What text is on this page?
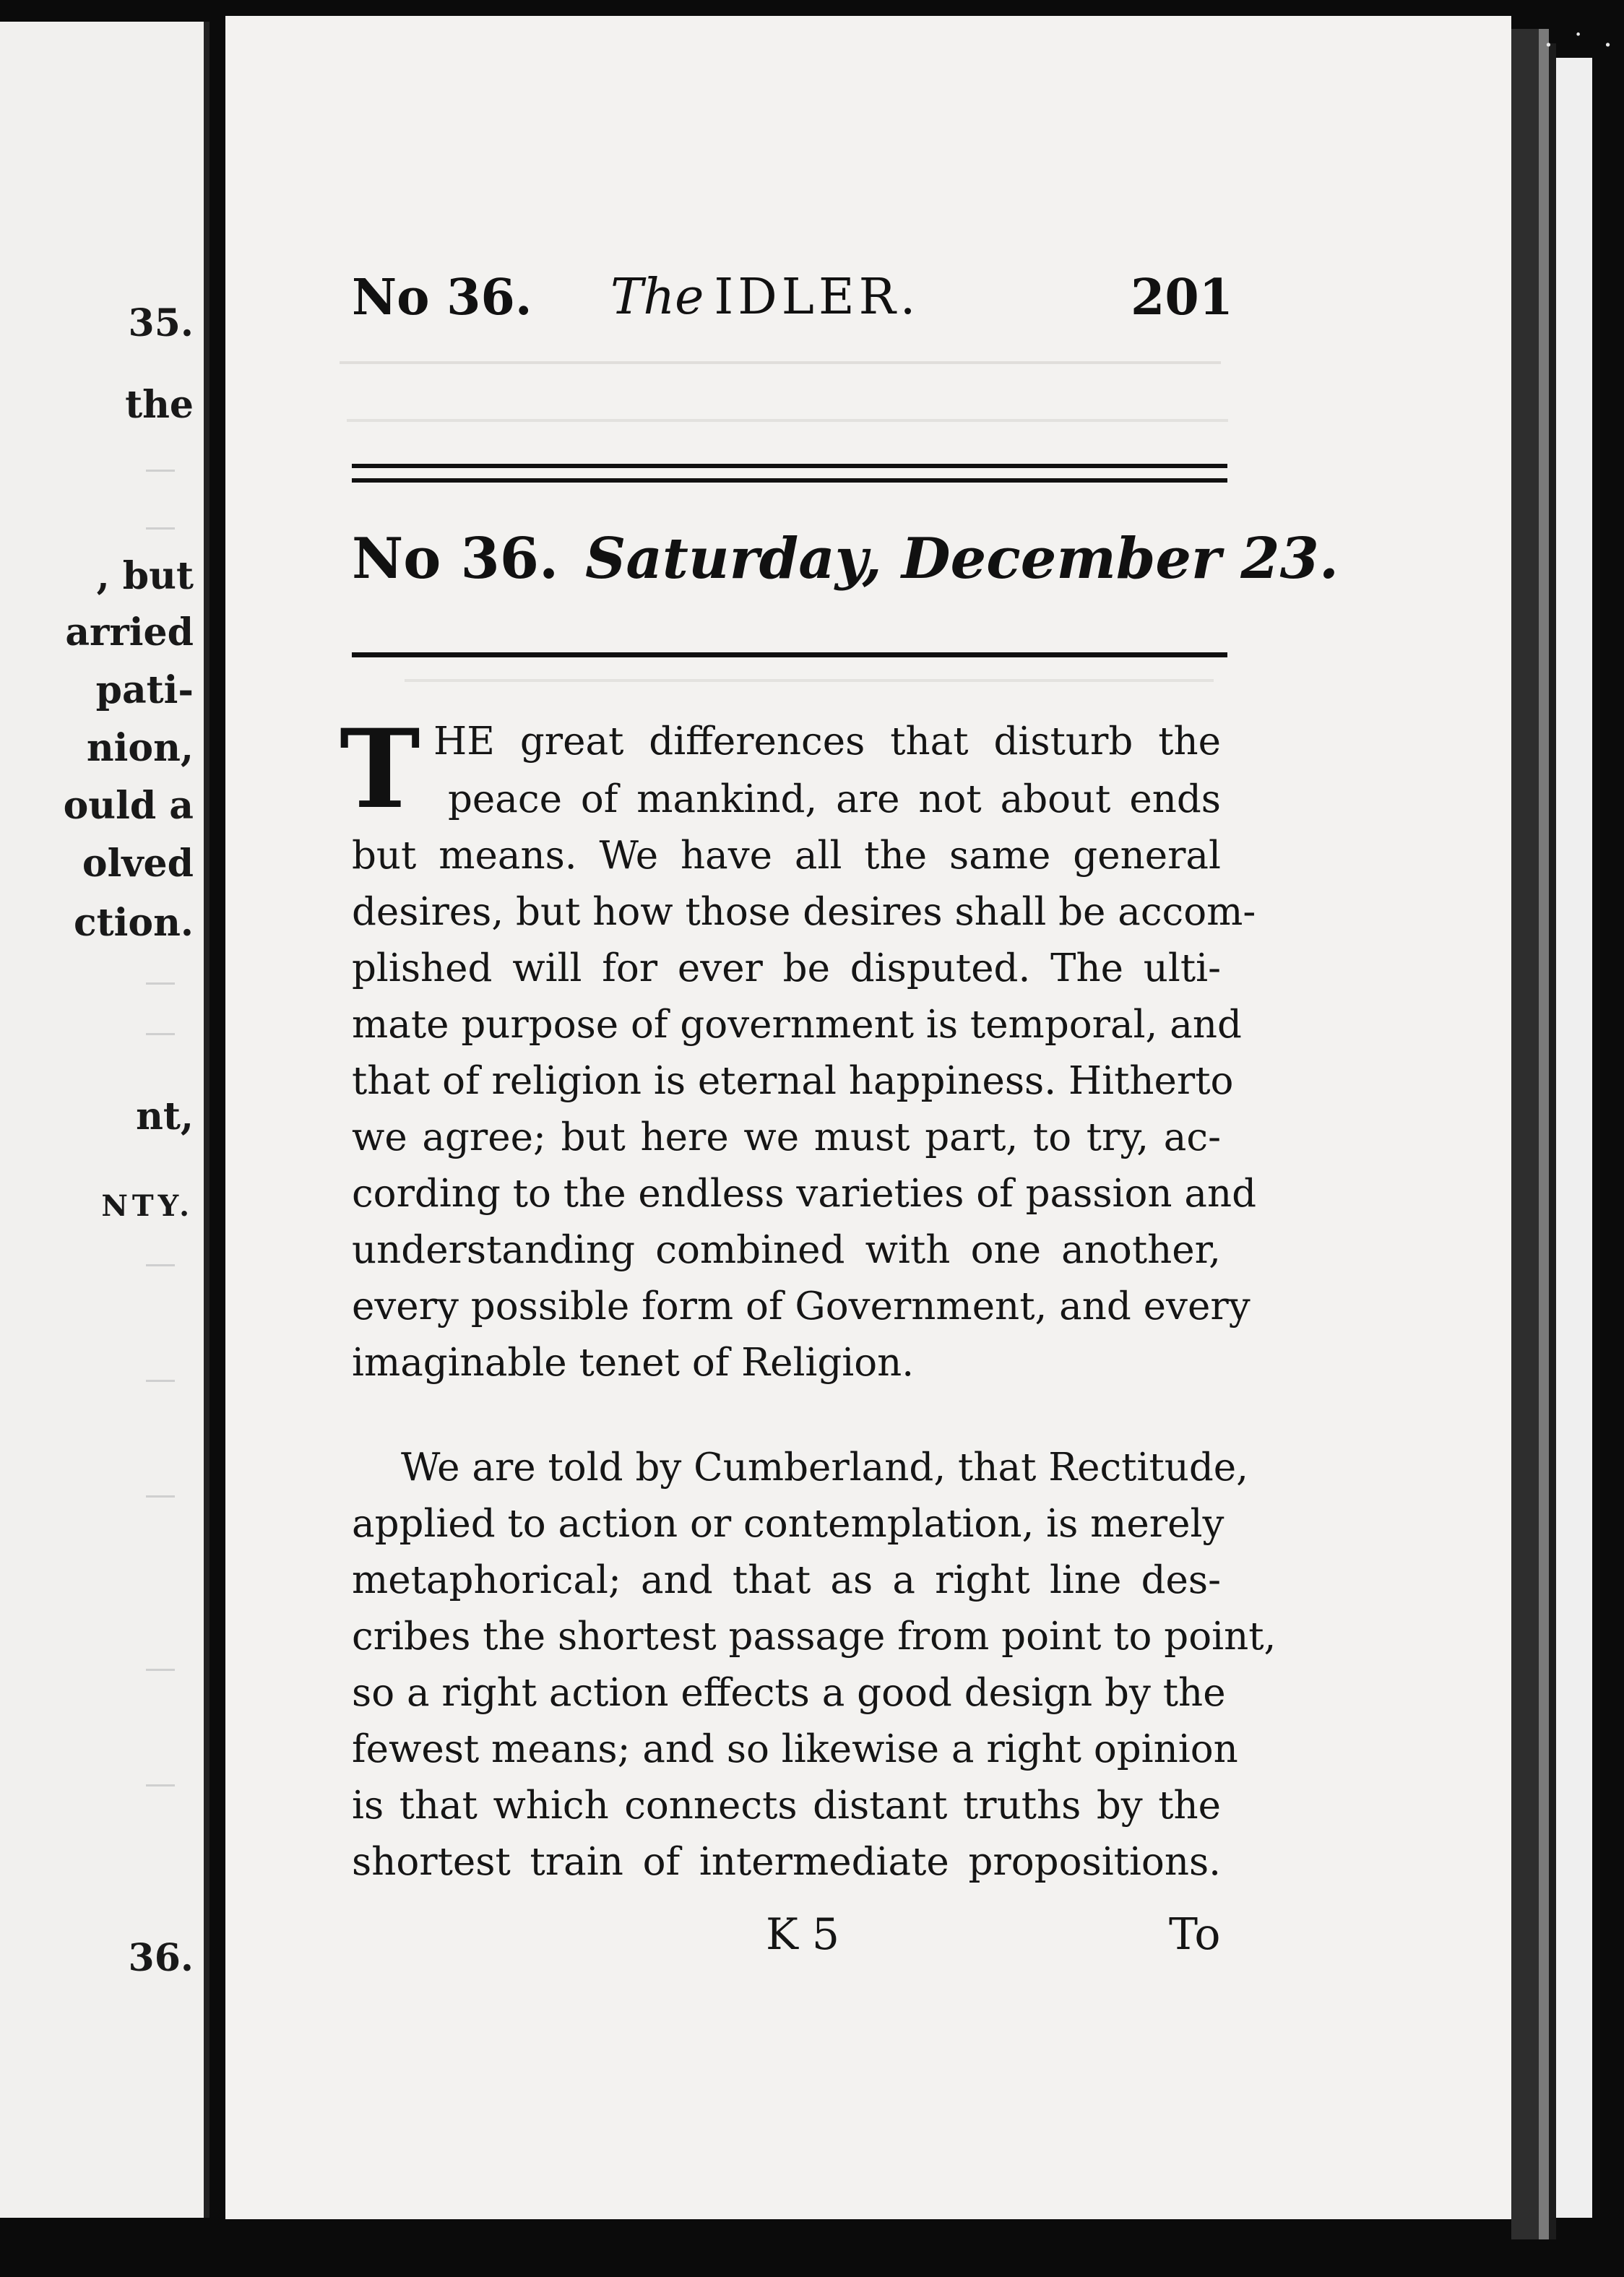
35.
the
, but
arried
pati-
nion,
ould a
olved
ction.
nt,
NTY.
36.
No 36. The IDLER.	201
No 36. Saturday, December 23.
T HE great differences that disturb the
peace of mankind, are not about ends
but means. We have all the same general
desires, but how those desires shall be accom-
plished will for ever be disputed. The ulti-
mate purpose of government is temporal, and
that of religion is eternal happiness. Hitherto
we agree; but here we must part, to try, ac-
cording to the endless varieties of passion and
understanding combined with one another,
every possible form of Government, and every
imaginable tenet of Religion.
We are told by Cumberland, that Rectitude,
applied to action or contemplation, is merely
metaphorical; and that as a right line des-
cribes the shortest passage from point to point,
so a right action effects a good design by the
fewest means; and so likewise a right opinion
is that which connects distant truths by the
shortest train of intermediate propositions.
K 5	To
· ˙ ·
